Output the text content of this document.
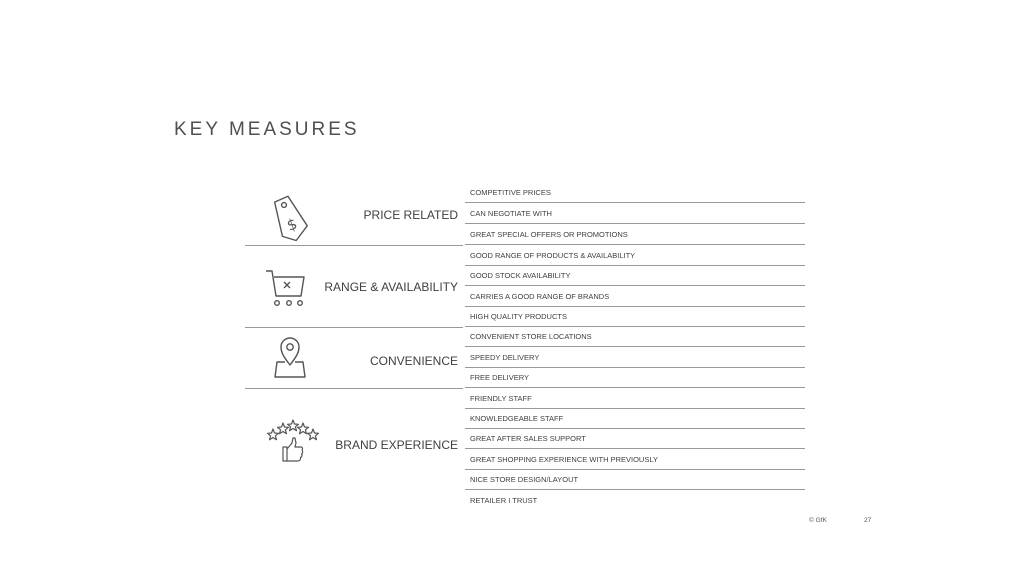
KEY MEASURES
$	PRICE RELATED
COMPETITIVE PRICES
CAN NEGOTIATE WITH
GREAT SPECIAL OFFERS OR PROMOTIONS
RANGE & AVAILABILITY
GOOD RANGE OF PRODUCTS & AVAILABILITY
GOOD STOCK AVAILABILITY
CARRIES A GOOD RANGE OF BRANDS
HIGH QUALITY PRODUCTS
CONVENIENCE
CONVENIENT STORE LOCATIONS
SPEEDY DELIVERY
FREE DELIVERY
BRAND EXPERIENCE
FRIENDLY STAFF
KNOWLEDGEABLE STAFF
GREAT AFTER SALES SUPPORT
GREAT SHOPPING EXPERIENCE WITH PREVIOUSLY
NICE STORE DESIGN/LAYOUT
RETAILER I TRUST
© GfK	27
